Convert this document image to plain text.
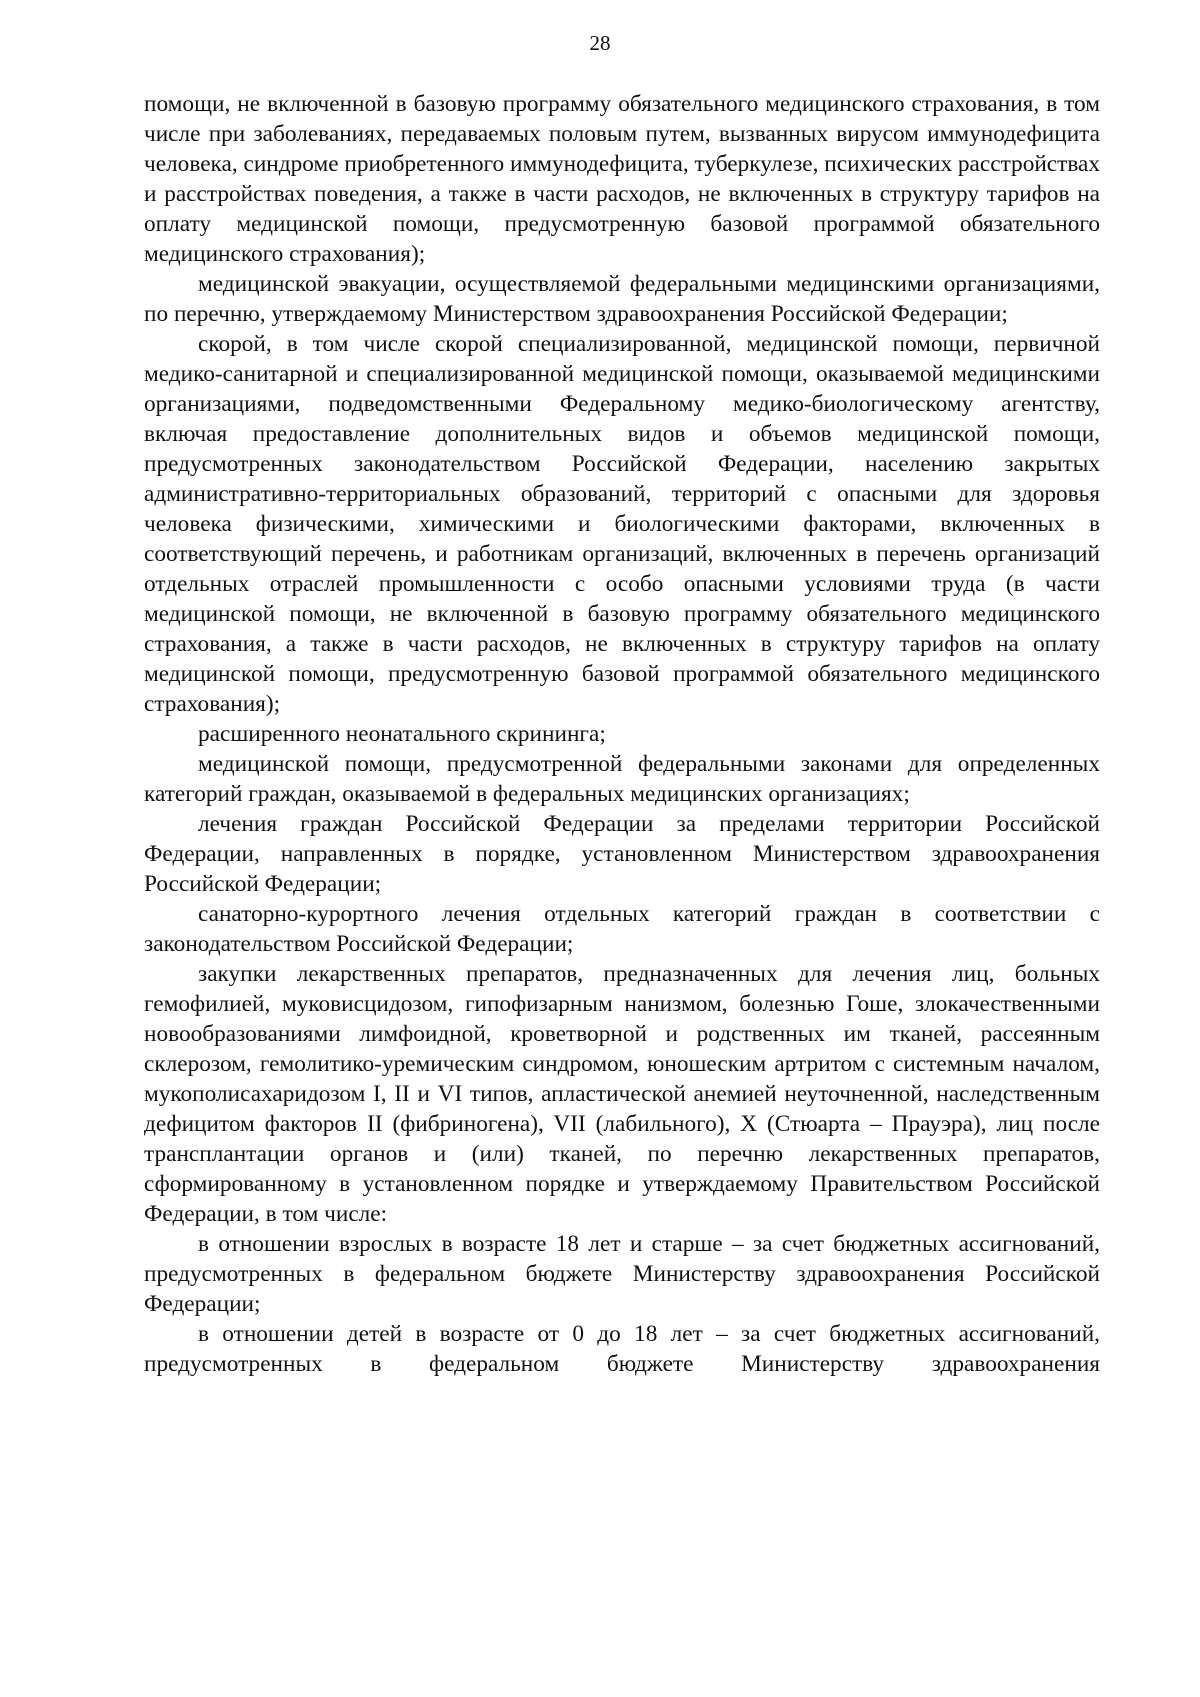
28

помощи, не включенной в базовую программу обязательного медицинского страхования, в том числе при заболеваниях, передаваемых половым путем, вызванных вирусом иммунодефицита человека, синдроме приобретенного иммунодефицита, туберкулезе, психических расстройствах и расстройствах поведения, а также в части расходов, не включенных в структуру тарифов на оплату медицинской помощи, предусмотренную базовой программой обязательного медицинского страхования);

медицинской эвакуации, осуществляемой федеральными медицинскими организациями, по перечню, утверждаемому Министерством здравоохранения Российской Федерации;

скорой, в том числе скорой специализированной, медицинской помощи, первичной медико-санитарной и специализированной медицинской помощи, оказываемой медицинскими организациями, подведомственными Федеральному медико-биологическому агентству, включая предоставление дополнительных видов и объемов медицинской помощи, предусмотренных законодательством Российской Федерации, населению закрытых административно-территориальных образований, территорий с опасными для здоровья человека физическими, химическими и биологическими факторами, включенных в соответствующий перечень, и работникам организаций, включенных в перечень организаций отдельных отраслей промышленности с особо опасными условиями труда (в части медицинской помощи, не включенной в базовую программу обязательного медицинского страхования, а также в части расходов, не включенных в структуру тарифов на оплату медицинской помощи, предусмотренную базовой программой обязательного медицинского страхования);

расширенного неонатального скрининга;

медицинской помощи, предусмотренной федеральными законами для определенных категорий граждан, оказываемой в федеральных медицинских организациях;

лечения граждан Российской Федерации за пределами территории Российской Федерации, направленных в порядке, установленном Министерством здравоохранения Российской Федерации;

санаторно-курортного лечения отдельных категорий граждан в соответствии с законодательством Российской Федерации;

закупки лекарственных препаратов, предназначенных для лечения лиц, больных гемофилией, муковисцидозом, гипофизарным нанизмом, болезнью Гоше, злокачественными новообразованиями лимфоидной, кроветворной и родственных им тканей, рассеянным склерозом, гемолитико-уремическим синдромом, юношеским артритом с системным началом, мукополисахаридозом I, II и VI типов, апластической анемией неуточненной, наследственным дефицитом факторов II (фибриногена), VII (лабильного), X (Стюарта – Прауэра), лиц после трансплантации органов и (или) тканей, по перечню лекарственных препаратов, сформированному в установленном порядке и утверждаемому Правительством Российской Федерации, в том числе:

в отношении взрослых в возрасте 18 лет и старше – за счет бюджетных ассигнований, предусмотренных в федеральном бюджете Министерству здравоохранения Российской Федерации;

в отношении детей в возрасте от 0 до 18 лет – за счет бюджетных ассигнований, предусмотренных в федеральном бюджете Министерству здравоохранения
